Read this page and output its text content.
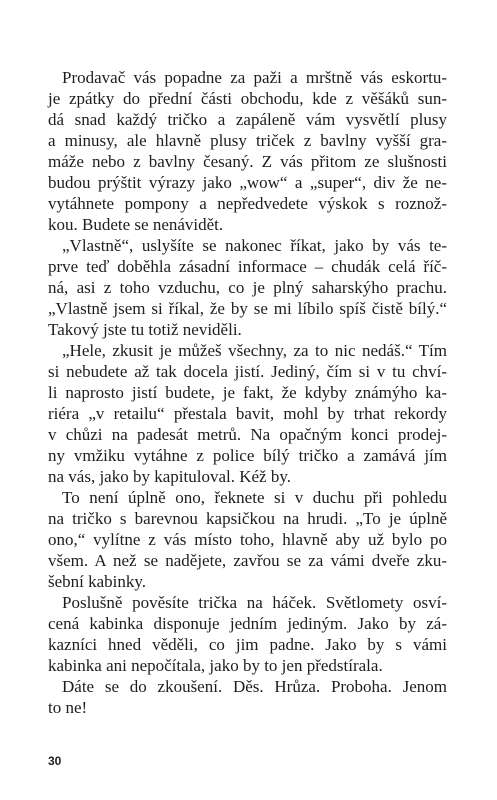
Prodavač vás popadne za paži a mrštně vás eskortu-
je zpátky do přední části obchodu, kde z věšáků sun-
dá snad každý tričko a zapáleně vám vysvětlí plusy
a minusy, ale hlavně plusy triček z bavlny vyšší gra-
máže nebo z bavlny česaný. Z vás přitom ze slušnosti
budou prýštit výrazy jako „wow“ a „super“, div že ne-
vytáhnete pompony a nepředvedete výskok s roznož-
kou. Budete se nenávidět.
„Vlastně“, uslyšíte se nakonec říkat, jako by vás te-
prve teď doběhla zásadní informace – chudák celá říč-
ná, asi z toho vzduchu, co je plný saharskýho prachu.
„Vlastně jsem si říkal, že by se mi líbilo spíš čistě bílý.“
Takový jste tu totiž neviděli.
„Hele, zkusit je můžeš všechny, za to nic nedáš.“ Tím
si nebudete až tak docela jistí. Jediný, čím si v tu chví-
li naprosto jistí budete, je fakt, že kdyby známýho ka-
riéra „v retailu“ přestala bavit, mohl by trhat rekordy
v chůzi na padesát metrů. Na opačným konci prodej-
ny vmžiku vytáhne z police bílý tričko a zamává jím
na vás, jako by kapituloval. Kéž by.
To není úplně ono, řeknete si v duchu při pohledu
na tričko s barevnou kapsičkou na hrudi. „To je úplně
ono,“ vylítne z vás místo toho, hlavně aby už bylo po
všem. A než se nadějete, zavřou se za vámi dveře zku-
šební kabinky.
Poslušně pověsíte trička na háček. Světlomety osví-
cená kabinka disponuje jedním jediným. Jako by zá-
kazníci hned věděli, co jim padne. Jako by s vámi
kabinka ani nepočítala, jako by to jen předstírala.
Dáte se do zkoušení. Děs. Hrůza. Proboha. Jenom
to ne!
30
